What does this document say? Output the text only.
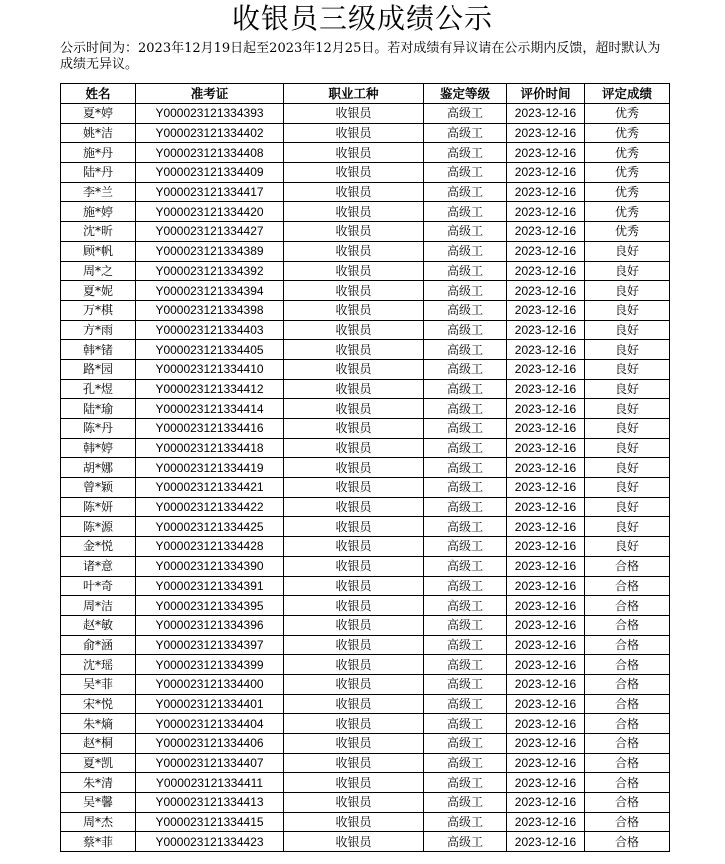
收银员三级成绩公示
公示时间为：2023年12月19日起至2023年12月25日。若对成绩有异议请在公示期内反馈，超时默认为成绩无异议。
姓名	准考证	职业工种	鉴定等级	评价时间	评定成绩
夏*婷	Y000023121334393	收银员	高级工	2023-12-16	优秀
姚*洁	Y000023121334402	收银员	高级工	2023-12-16	优秀
施*丹	Y000023121334408	收银员	高级工	2023-12-16	优秀
陆*丹	Y000023121334409	收银员	高级工	2023-12-16	优秀
李*兰	Y000023121334417	收银员	高级工	2023-12-16	优秀
施*婷	Y000023121334420	收银员	高级工	2023-12-16	优秀
沈*昕	Y000023121334427	收银员	高级工	2023-12-16	优秀
顾*帆	Y000023121334389	收银员	高级工	2023-12-16	良好
周*之	Y000023121334392	收银员	高级工	2023-12-16	良好
夏*妮	Y000023121334394	收银员	高级工	2023-12-16	良好
万*棋	Y000023121334398	收银员	高级工	2023-12-16	良好
方*雨	Y000023121334403	收银员	高级工	2023-12-16	良好
韩*锗	Y000023121334405	收银员	高级工	2023-12-16	良好
路*园	Y000023121334410	收银员	高级工	2023-12-16	良好
孔*煜	Y000023121334412	收银员	高级工	2023-12-16	良好
陆*瑜	Y000023121334414	收银员	高级工	2023-12-16	良好
陈*丹	Y000023121334416	收银员	高级工	2023-12-16	良好
韩*婷	Y000023121334418	收银员	高级工	2023-12-16	良好
胡*娜	Y000023121334419	收银员	高级工	2023-12-16	良好
曾*颖	Y000023121334421	收银员	高级工	2023-12-16	良好
陈*妍	Y000023121334422	收银员	高级工	2023-12-16	良好
陈*源	Y000023121334425	收银员	高级工	2023-12-16	良好
金*悦	Y000023121334428	收银员	高级工	2023-12-16	良好
诸*意	Y000023121334390	收银员	高级工	2023-12-16	合格
叶*奇	Y000023121334391	收银员	高级工	2023-12-16	合格
周*洁	Y000023121334395	收银员	高级工	2023-12-16	合格
赵*敏	Y000023121334396	收银员	高级工	2023-12-16	合格
俞*涵	Y000023121334397	收银员	高级工	2023-12-16	合格
沈*瑶	Y000023121334399	收银员	高级工	2023-12-16	合格
吴*菲	Y000023121334400	收银员	高级工	2023-12-16	合格
宋*悦	Y000023121334401	收银员	高级工	2023-12-16	合格
朱*熵	Y000023121334404	收银员	高级工	2023-12-16	合格
赵*桐	Y000023121334406	收银员	高级工	2023-12-16	合格
夏*凯	Y000023121334407	收银员	高级工	2023-12-16	合格
朱*清	Y000023121334411	收银员	高级工	2023-12-16	合格
吴*馨	Y000023121334413	收银员	高级工	2023-12-16	合格
周*杰	Y000023121334415	收银员	高级工	2023-12-16	合格
蔡*菲	Y000023121334423	收银员	高级工	2023-12-16	合格
